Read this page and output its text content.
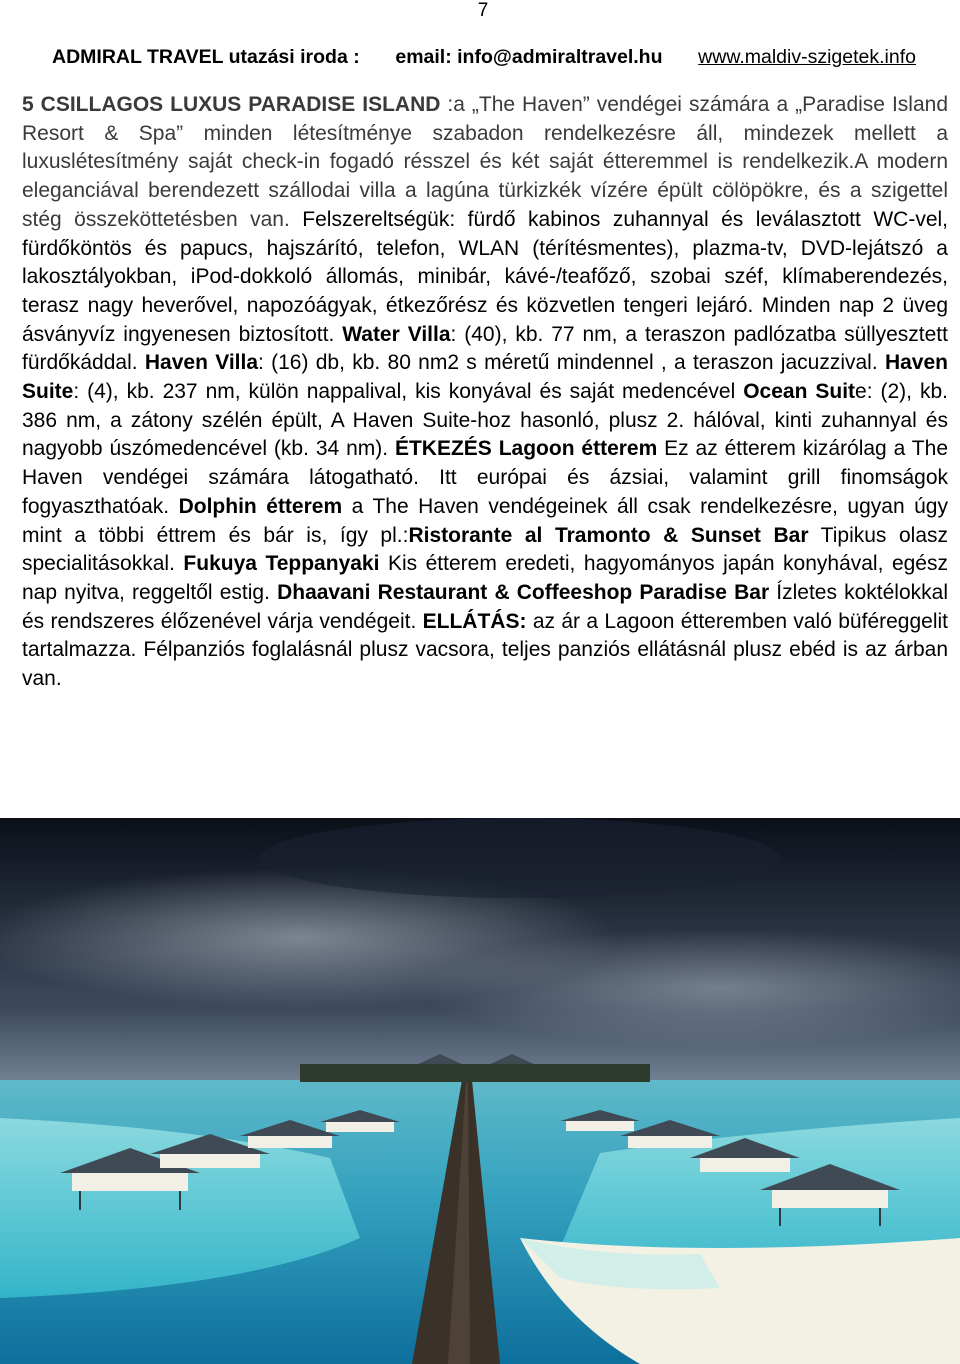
7
ADMIRAL TRAVEL utazási iroda : email: info@admiraltravel.hu www.maldiv-szigetek.info
5 CSILLAGOS LUXUS PARADISE ISLAND :a „The Haven” vendégei számára a „Paradise Island Resort & Spa” minden létesítménye szabadon rendelkezésre áll, mindezek mellett a luxuslétesítmény saját check-in fogadó résszel és két saját étteremmel is rendelkezik.A modern eleganciával berendezett szállodai villa a lagúna türkizkék vízére épült cölöpökre, és a szigettel stég összeköttetésben van. Felszereltségük: fürdő kabinos zuhannyal és leválasztott WC-vel, fürdőköntös és papucs, hajszárító, telefon, WLAN (térítésmentes), plazma-tv, DVD-lejátszó a lakosztályokban, iPod-dokkoló állomás, minibár, kávé-/teafőző, szobai széf, klímaberendezés, terasz nagy heverővel, napozóágyak, étkezőrész és közvetlen tengeri lejáró. Minden nap 2 üveg ásványvíz ingyenesen biztosított. Water Villa: (40), kb. 77 nm, a teraszon padlózatba süllyesztett fürdőkáddal. Haven Villa: (16) db, kb. 80 nm2 s méretű mindennel , a teraszon jacuzzival. Haven Suite: (4), kb. 237 nm, külön nappalival, kis konyával és saját medencével Ocean Suite: (2), kb. 386 nm, a zátony szélén épült, A Haven Suite-hoz hasonló, plusz 2. hálóval, kinti zuhannyal és nagyobb úszómedencével (kb. 34 nm). ÉTKEZÉS Lagoon étterem Ez az étterem kizárólag a The Haven vendégei számára látogatható. Itt európai és ázsiai, valamint grill finomságok fogyaszthatóak. Dolphin étterem a The Haven vendégeinek áll csak rendelkezésre, ugyan úgy mint a többi éttrem és bár is, így pl.:Ristorante al Tramonto & Sunset Bar Tipikus olasz specialitásokkal. Fukuya Teppanyaki Kis étterem eredeti, hagyományos japán konyhával, egész nap nyitva, reggeltől estig. Dhaavani Restaurant & Coffeeshop Paradise Bar Ízletes koktélokkal és rendszeres élőzenével várja vendégeit. ELLÁTÁS: az ár a Lagoon étteremben való büféreggelit tartalmazza. Félpanziós foglalásnál plusz vacsora, teljes panziós ellátásnál plusz ebéd is az árban van.
